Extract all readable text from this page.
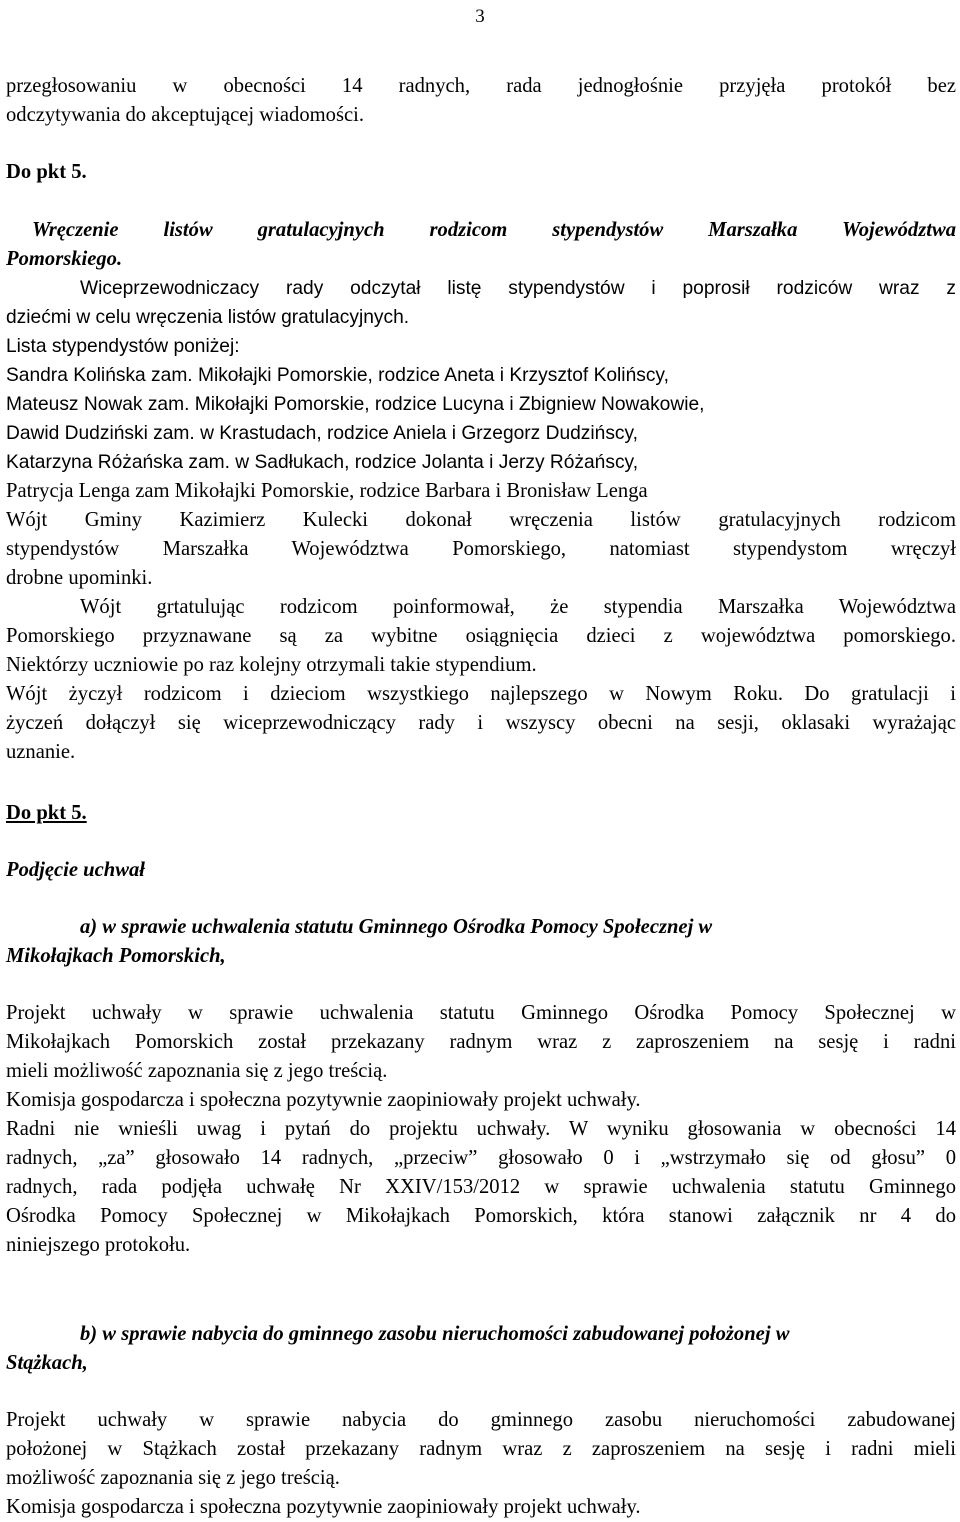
3
przegłosowaniu w obecności 14 radnych, rada jednogłośnie przyjęła protokół bez
odczytywania do akceptującej wiadomości.
Do pkt 5.
Wręczenie listów gratulacyjnych rodzicom stypendystów Marszałka Województwa
Pomorskiego.
Wiceprzewodniczacy rady odczytał listę stypendystów i poprosił rodziców wraz z
dziećmi w celu wręczenia listów gratulacyjnych.
Lista stypendystów poniżej:
Sandra Kolińska zam. Mikołajki Pomorskie, rodzice Aneta i Krzysztof Kolińscy,
Mateusz Nowak zam. Mikołajki Pomorskie, rodzice Lucyna i Zbigniew Nowakowie,
Dawid Dudziński zam. w Krastudach, rodzice Aniela i Grzegorz Dudzińscy,
Katarzyna Różańska zam. w Sadłukach, rodzice Jolanta i Jerzy Różańscy,
Patrycja Lenga zam Mikołajki Pomorskie, rodzice Barbara i Bronisław Lenga
Wójt Gminy Kazimierz Kulecki dokonał wręczenia listów gratulacyjnych rodzicom
stypendystów Marszałka Województwa Pomorskiego, natomiast stypendystom wręczył
drobne upominki.
Wójt grtatulując rodzicom poinformował, że stypendia Marszałka Województwa
Pomorskiego przyznawane są za wybitne osiągnięcia dzieci z województwa pomorskiego.
Niektórzy uczniowie po raz kolejny otrzymali takie stypendium.
Wójt życzył rodzicom i dzieciom wszystkiego najlepszego w Nowym Roku. Do gratulacji i
życzeń dołączył się wiceprzewodniczący rady i wszyscy obecni na sesji, oklasaki wyrażając
uznanie.
Do pkt 5.
Podjęcie uchwał
a) w sprawie uchwalenia statutu Gminnego Ośrodka Pomocy Społecznej w
Mikołajkach Pomorskich,
Projekt uchwały w sprawie uchwalenia statutu Gminnego Ośrodka Pomocy Społecznej w
Mikołajkach Pomorskich został przekazany radnym wraz z zaproszeniem na sesję i radni
mieli możliwość zapoznania się z jego treścią.
Komisja gospodarcza i społeczna pozytywnie zaopiniowały projekt uchwały.
Radni nie wnieśli uwag i pytań do projektu uchwały. W wyniku głosowania w obecności 14
radnych, „za” głosowało 14 radnych, „przeciw” głosowało 0 i „wstrzymało się od głosu” 0
radnych, rada podjęła uchwałę Nr XXIV/153/2012 w sprawie uchwalenia statutu Gminnego
Ośrodka Pomocy Społecznej w Mikołajkach Pomorskich, która stanowi załącznik nr 4 do
niniejszego protokołu.
b) w sprawie nabycia do gminnego zasobu nieruchomości zabudowanej położonej w
Stążkach,
Projekt uchwały w sprawie nabycia do gminnego zasobu nieruchomości zabudowanej
położonej w Stążkach został przekazany radnym wraz z zaproszeniem na sesję i radni mieli
możliwość zapoznania się z jego treścią.
Komisja gospodarcza i społeczna pozytywnie zaopiniowały projekt uchwały.
